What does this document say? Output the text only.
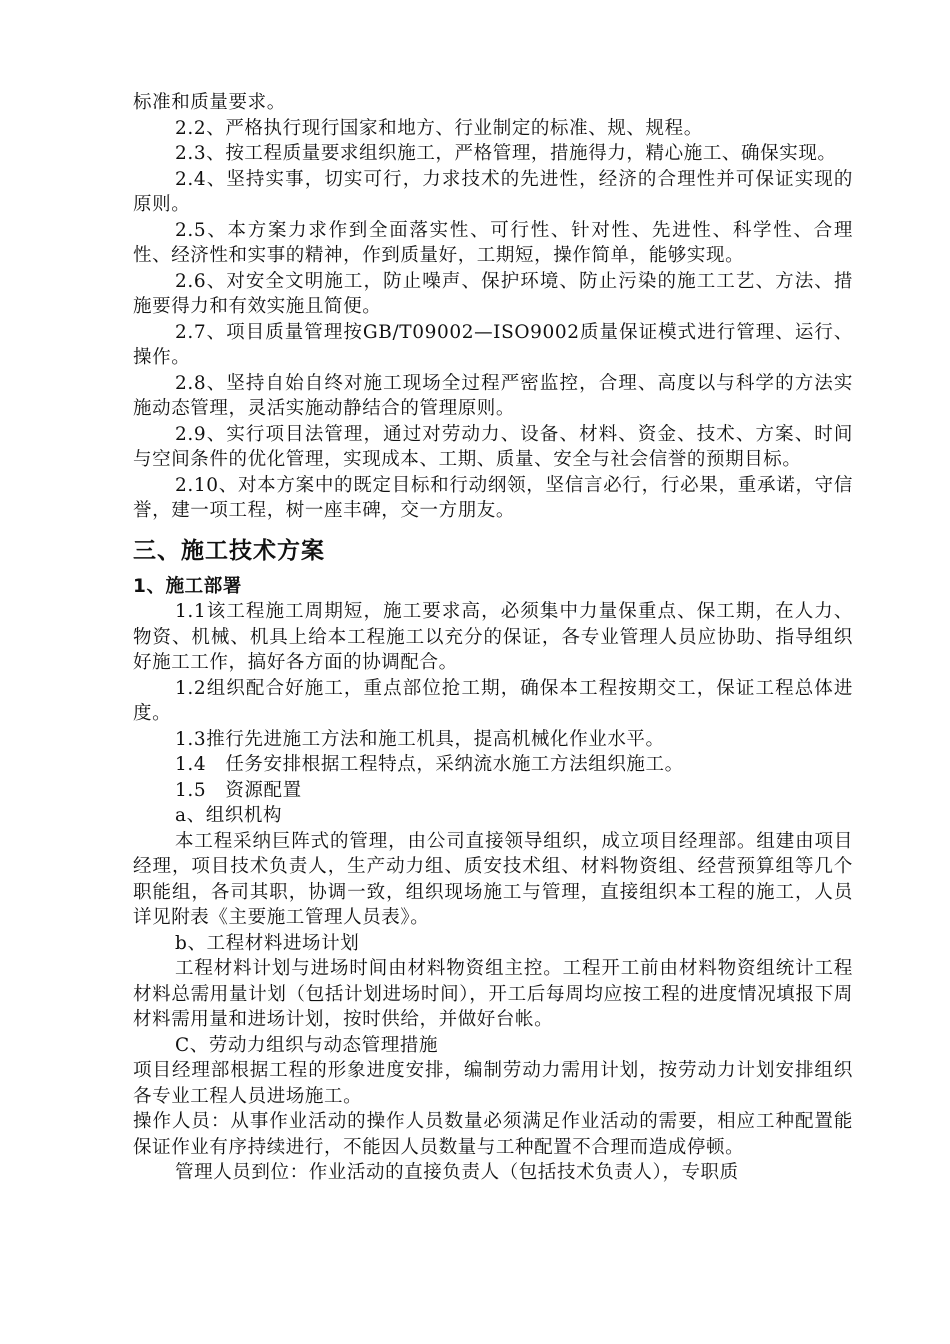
标准和质量要求。

2.2、严格执行现行国家和地方、行业制定的标准、规、规程。

2.3、按工程质量要求组织施工，严格管理，措施得力，精心施工、确保实现。

2.4、坚持实事，切实可行，力求技术的先进性，经济的合理性并可保证实现的原则。

2.5、本方案力求作到全面落实性、可行性、针对性、先进性、科学性、合理性、经济性和实事的精神，作到质量好，工期短，操作简单，能够实现。

2.6、对安全文明施工，防止噪声、保护环境、防止污染的施工工艺、方法、措施要得力和有效实施且简便。

2.7、项目质量管理按GB/T09002—ISO9002质量保证模式进行管理、运行、操作。

2.8、坚持自始自终对施工现场全过程严密监控，合理、高度以与科学的方法实施动态管理，灵活实施动静结合的管理原则。

2.9、实行项目法管理，通过对劳动力、设备、材料、资金、技术、方案、时间与空间条件的优化管理，实现成本、工期、质量、安全与社会信誉的预期目标。

2.10、对本方案中的既定目标和行动纲领，坚信言必行，行必果，重承诺，守信誉，建一项工程，树一座丰碑，交一方朋友。

三、施工技术方案
1、施工部署

1.1该工程施工周期短，施工要求高，必须集中力量保重点、保工期，在人力、物资、机械、机具上给本工程施工以充分的保证，各专业管理人员应协助、指导组织好施工工作，搞好各方面的协调配合。

1.2组织配合好施工，重点部位抢工期，确保本工程按期交工，保证工程总体进度。

1.3推行先进施工方法和施工机具，提高机械化作业水平。

1.4　任务安排根据工程特点，采纳流水施工方法组织施工。

1.5　资源配置

a、组织机构

本工程采纳巨阵式的管理，由公司直接领导组织，成立项目经理部。组建由项目经理，项目技术负责人，生产动力组、质安技术组、材料物资组、经营预算组等几个职能组，各司其职，协调一致，组织现场施工与管理，直接组织本工程的施工，人员详见附表《主要施工管理人员表》。

b、工程材料进场计划

工程材料计划与进场时间由材料物资组主控。工程开工前由材料物资组统计工程材料总需用量计划（包括计划进场时间），开工后每周均应按工程的进度情况填报下周材料需用量和进场计划，按时供给，并做好台帐。

C、劳动力组织与动态管理措施

项目经理部根据工程的形象进度安排，编制劳动力需用计划，按劳动力计划安排组织各专业工程人员进场施工。

操作人员：从事作业活动的操作人员数量必须满足作业活动的需要，相应工种配置能保证作业有序持续进行，不能因人员数量与工种配置不合理而造成停顿。

管理人员到位：作业活动的直接负责人（包括技术负责人），专职质
